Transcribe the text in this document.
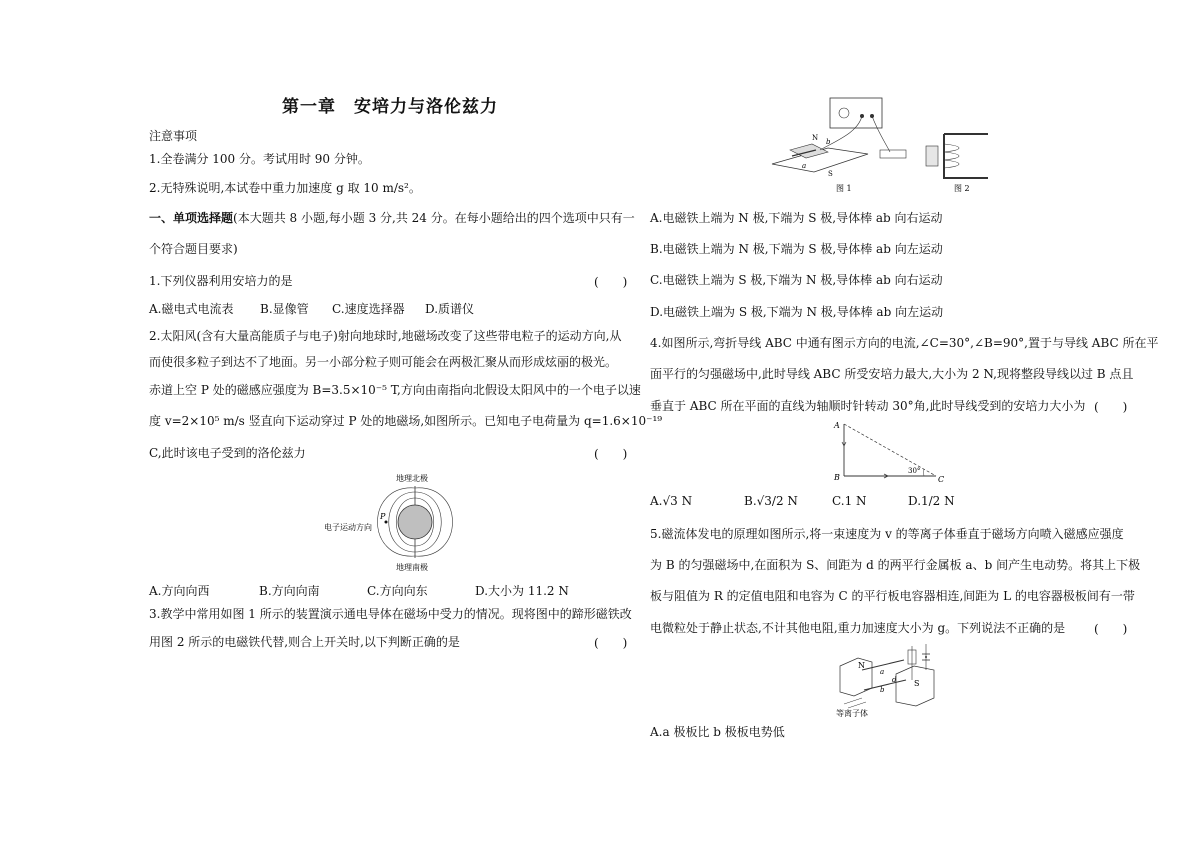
第一章　安培力与洛伦兹力
注意事项
1.全卷满分 100 分。考试用时 90 分钟。
2.无特殊说明,本试卷中重力加速度 g 取 10 m/s²。
一、单项选择题(本大题共 8 小题,每小题 3 分,共 24 分。在每小题给出的四个选项中只有一
个符合题目要求)
1.下列仪器利用安培力的是	(　　)
A.磁电式电流表 B.显像管 C.速度选择器 D.质谱仪
2.太阳风(含有大量高能质子与电子)射向地球时,地磁场改变了这些带电粒子的运动方向,从
而使很多粒子到达不了地面。另一小部分粒子则可能会在两极汇聚从而形成炫丽的极光。
赤道上空 P 处的磁感应强度为 B=3.5×10⁻⁵ T,方向由南指向北假设太阳风中的一个电子以速
度 v=2×10⁵ m/s 竖直向下运动穿过 P 处的地磁场,如图所示。已知电子电荷量为 q=1.6×10⁻¹⁹
C,此时该电子受到的洛伦兹力	(　　)
地理北极
地理南极
电子运动方向
P
A.方向向西	B.方向向南	C.方向向东	D.大小为 11.2 N
3.教学中常用如图 1 所示的装置演示通电导体在磁场中受力的情况。现将图中的蹄形磁铁改
用图 2 所示的电磁铁代替,则合上开关时,以下判断正确的是	(　　)
N b
a
S
图 1	图 2
A.电磁铁上端为 N 极,下端为 S 极,导体棒 ab 向右运动
B.电磁铁上端为 N 极,下端为 S 极,导体棒 ab 向左运动
C.电磁铁上端为 S 极,下端为 N 极,导体棒 ab 向右运动
D.电磁铁上端为 S 极,下端为 N 极,导体棒 ab 向左运动
4.如图所示,弯折导线 ABC 中通有图示方向的电流,∠C=30°,∠B=90°,置于与导线 ABC 所在平
面平行的匀强磁场中,此时导线 ABC 所受安培力最大,大小为 2 N,现将整段导线以过 B 点且
垂直于 ABC 所在平面的直线为轴顺时针转动 30°角,此时导线受到的安培力大小为 (　　)
A
B	C
30°
A.√3 N	B.√3/2 N	C.1 N	D.1/2 N
5.磁流体发电的原理如图所示,将一束速度为 v 的等离子体垂直于磁场方向喷入磁感应强度
为 B 的匀强磁场中,在面积为 S、间距为 d 的两平行金属板 a、b 间产生电动势。将其上下极
板与阻值为 R 的定值电阻和电容为 C 的平行板电容器相连,间距为 L 的电容器极板间有一带
电微粒处于静止状态,不计其他电阻,重力加速度大小为 g。下列说法不正确的是 (　　)
N
S
a
b
d
等离子体
A.a 极板比 b 极板电势低
